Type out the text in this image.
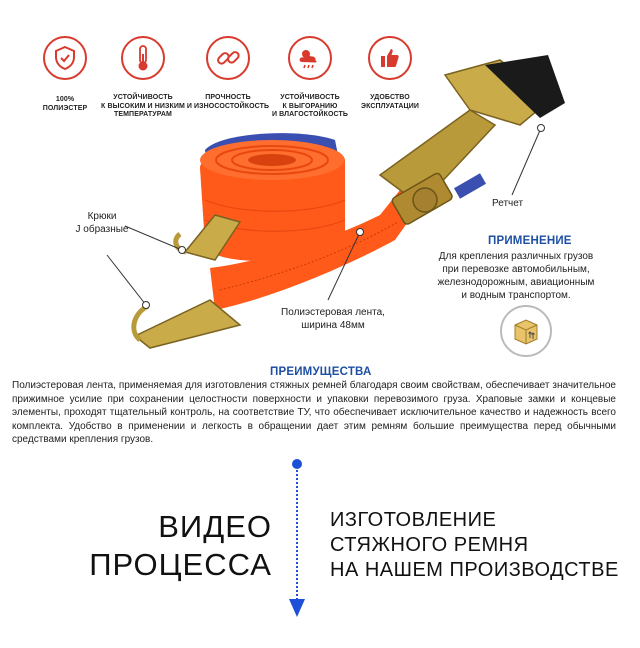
100%
ПОЛИЭСТЕР
УСТОЙЧИВОСТЬ
К ВЫСОКИМ И НИЗКИМ
ТЕМПЕРАТУРАМ
ПРОЧНОСТЬ
И ИЗНОСОСТОЙКОСТЬ
УСТОЙЧИВОСТЬ
К ВЫГОРАНИЮ
И ВЛАГОСТОЙКОСТЬ
УДОБСТВО
ЭКСПЛУАТАЦИИ
Крюки
J образные
Ретчет
Полиэстеровая лента,
ширина 48мм
ПРИМЕНЕНИЕ
Для крепления различных грузов
при перевозке автомобильным,
железнодорожным, авиационным
и водным транспортом.
ПРЕИМУЩЕСТВА
Полиэстеровая лента, применяемая для изготовления стяжных ремней благодаря своим свойствам, обеспечивает значительное прижимное усилие при сохранении целостности поверхности и упаковки перевозимого груза. Храповые замки и концевые элементы, проходят тщательный контроль, на соответствие ТУ, что обеспечивает исключительное качество и надежность всего комплекта. Удобство в применении и легкость в обращении дает этим ремням большие преимущества перед обычными средствами крепления грузов.
ВИДЕО
ПРОЦЕССА
ИЗГОТОВЛЕНИЕ
СТЯЖНОГО РЕМНЯ
НА НАШЕМ ПРОИЗВОДСТВЕ
